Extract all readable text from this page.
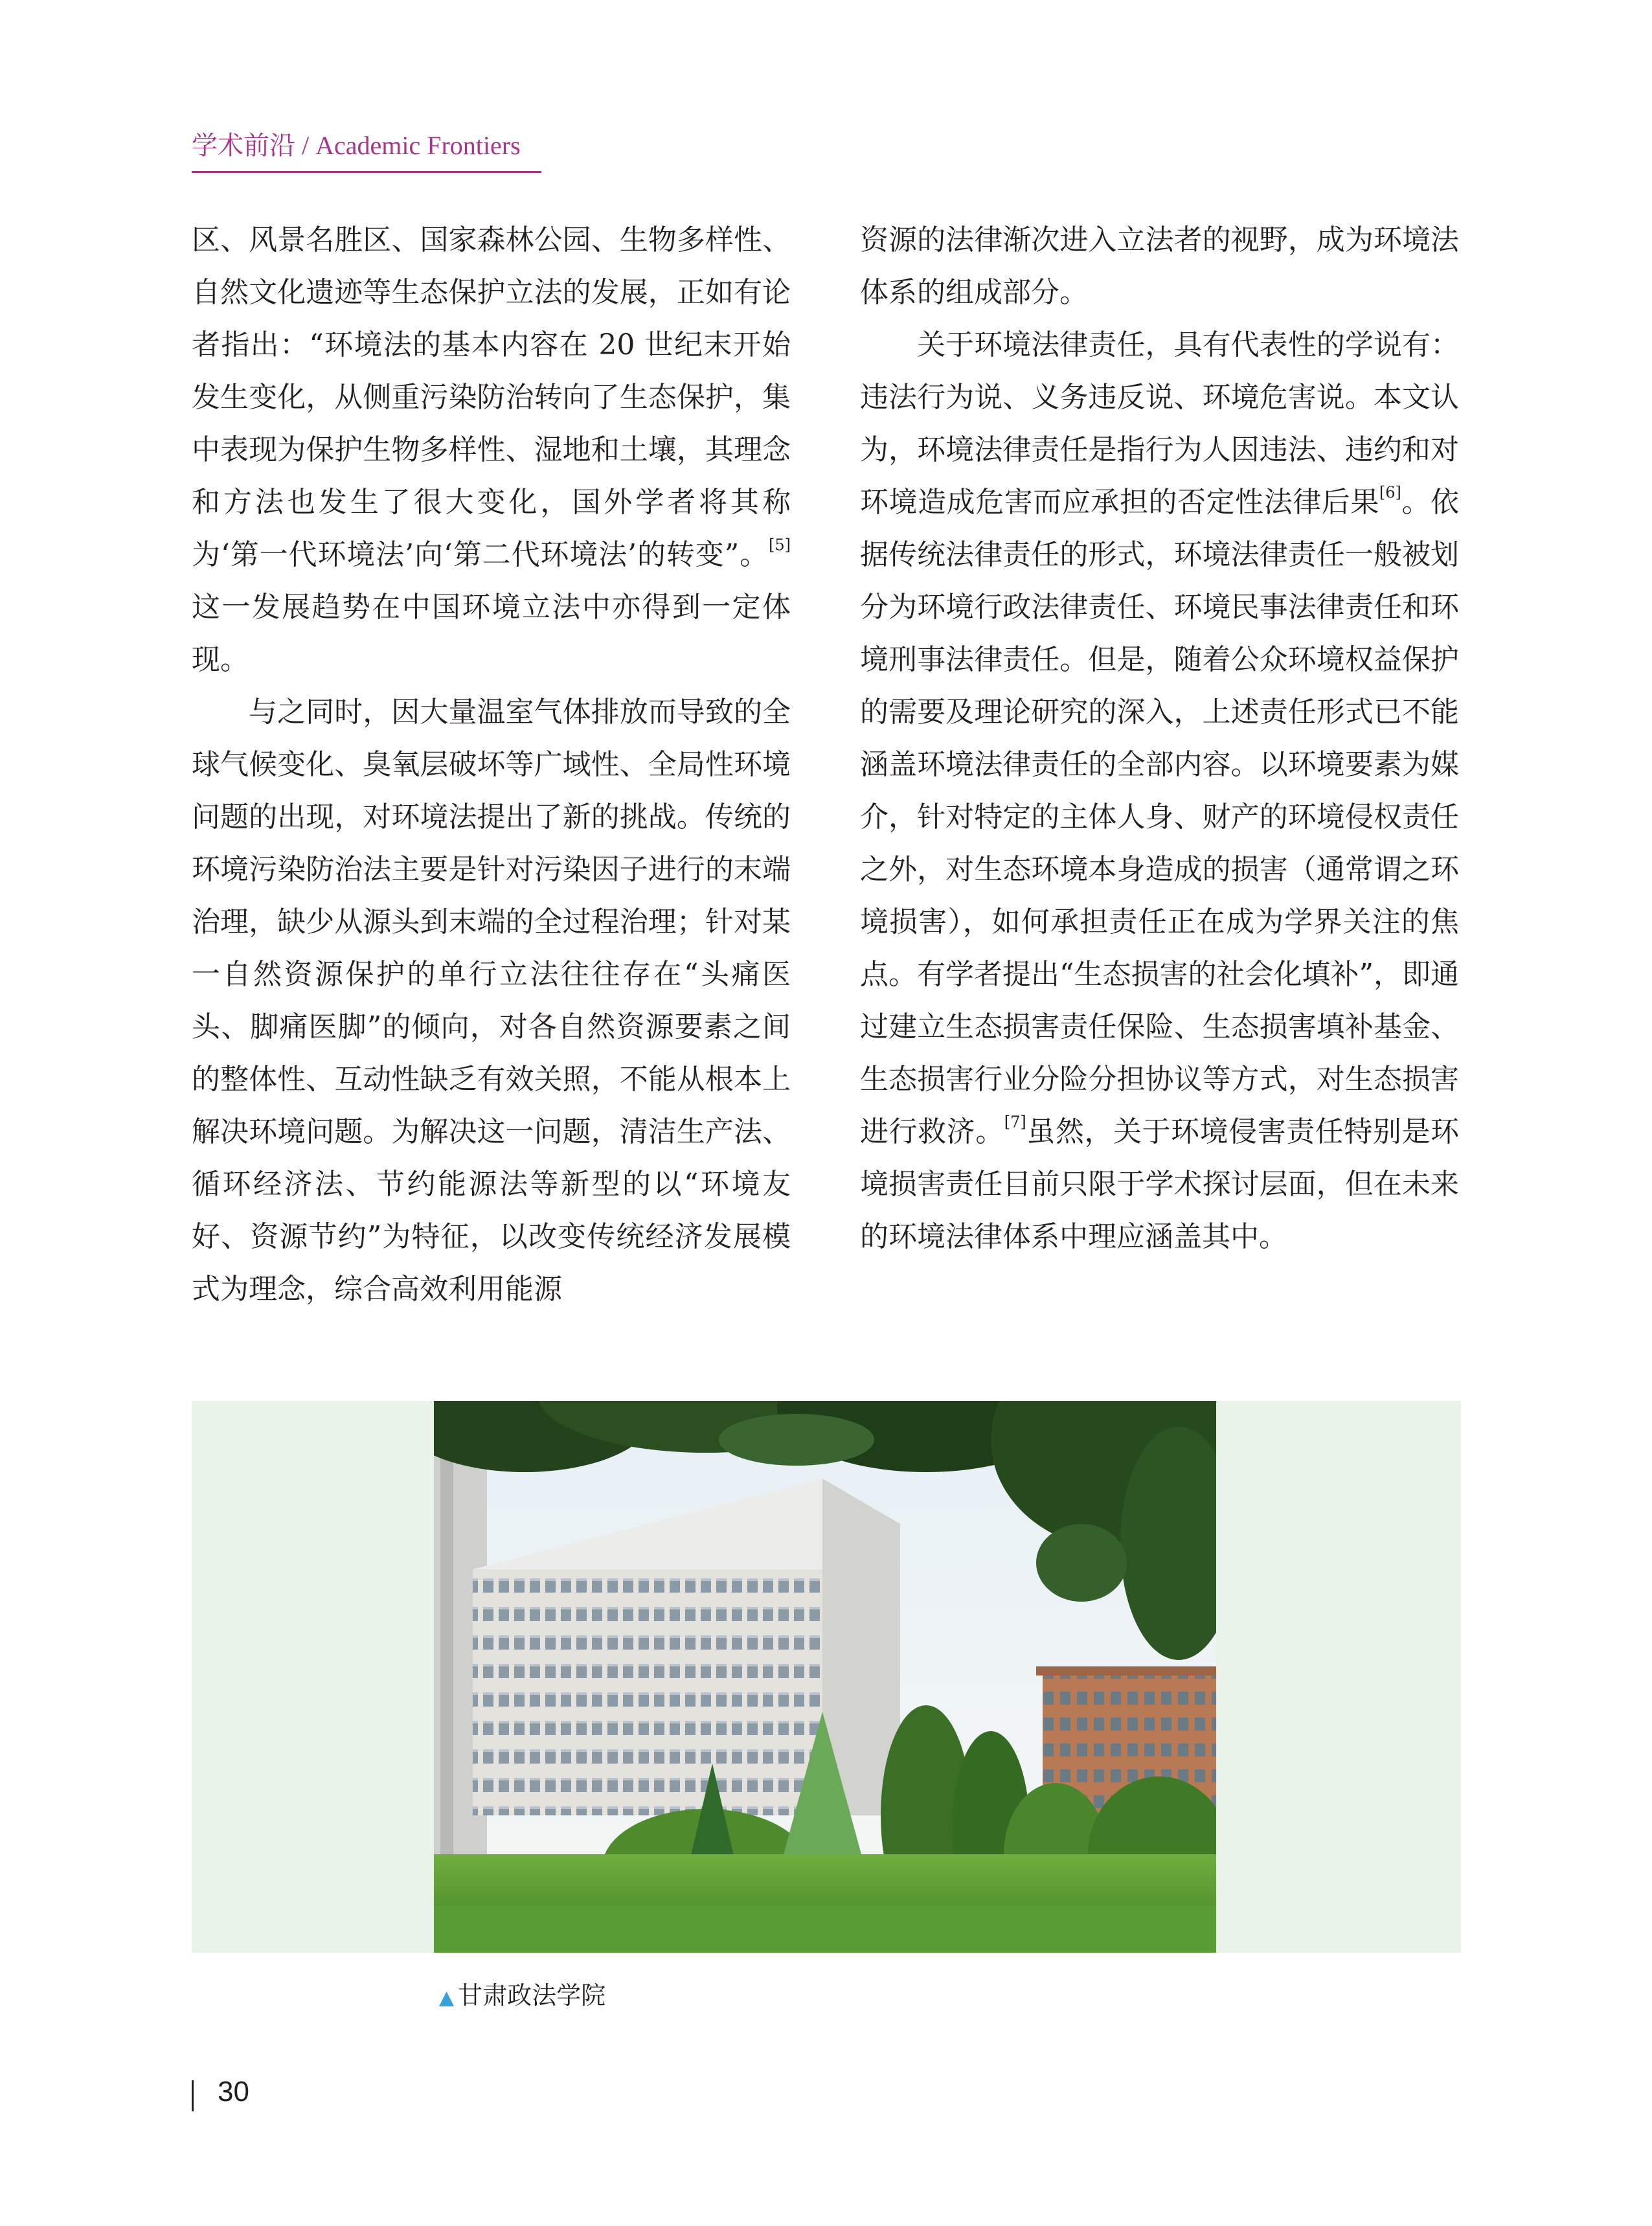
学术前沿 / Academic Frontiers

区、风景名胜区、国家森林公园、生物多样性、自然文化遗迹等生态保护立法的发展，正如有论者指出：“环境法的基本内容在 20 世纪末开始发生变化，从侧重污染防治转向了生态保护，集中表现为保护生物多样性、湿地和土壤，其理念和方法也发生了很大变化，国外学者将其称为‘第一代环境法’向‘第二代环境法’的转变”。[5]这一发展趋势在中国环境立法中亦得到一定体现。

与之同时，因大量温室气体排放而导致的全球气候变化、臭氧层破坏等广域性、全局性环境问题的出现，对环境法提出了新的挑战。传统的环境污染防治法主要是针对污染因子进行的末端治理，缺少从源头到末端的全过程治理；针对某一自然资源保护的单行立法往往存在“头痛医头、脚痛医脚”的倾向，对各自然资源要素之间的整体性、互动性缺乏有效关照，不能从根本上解决环境问题。为解决这一问题，清洁生产法、循环经济法、节约能源法等新型的以“环境友好、资源节约”为特征，以改变传统经济发展模式为理念，综合高效利用能源

资源的法律渐次进入立法者的视野，成为环境法体系的组成部分。

关于环境法律责任，具有代表性的学说有：违法行为说、义务违反说、环境危害说。本文认为，环境法律责任是指行为人因违法、违约和对环境造成危害而应承担的否定性法律后果[6]。依据传统法律责任的形式，环境法律责任一般被划分为环境行政法律责任、环境民事法律责任和环境刑事法律责任。但是，随着公众环境权益保护的需要及理论研究的深入，上述责任形式已不能涵盖环境法律责任的全部内容。以环境要素为媒介，针对特定的主体人身、财产的环境侵权责任之外，对生态环境本身造成的损害（通常谓之环境损害），如何承担责任正在成为学界关注的焦点。有学者提出“生态损害的社会化填补”，即通过建立生态损害责任保险、生态损害填补基金、生态损害行业分险分担协议等方式，对生态损害进行救济。[7]虽然，关于环境侵害责任特别是环境损害责任目前只限于学术探讨层面，但在未来的环境法律体系中理应涵盖其中。

▲ 甘肃政法学院
30
